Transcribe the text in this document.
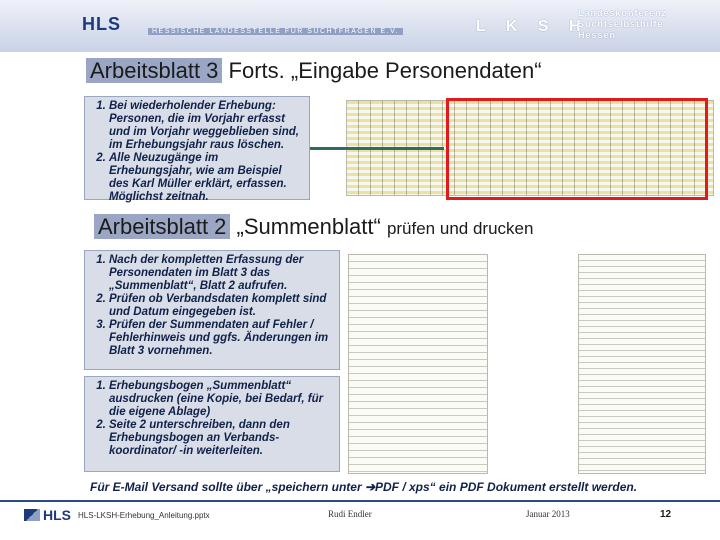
HLS	HESSISCHE LANDESSTELLE FÜR SUCHTFRAGEN E.V.	L K S H
Landeskonferenz
Suchtselbsthilfe
Hessen
Arbeitsblatt 3 Forts. „Eingabe Personendaten“
1. Bei wiederholender Erhebung: Personen, die im Vorjahr erfasst und im Vorjahr weggeblieben sind, im Erhebungsjahr raus löschen.
2. Alle Neuzugänge im Erhebungsjahr, wie am Beispiel des Karl Müller erklärt, erfassen. Möglichst zeitnah.
Arbeitsblatt 2 „Summenblatt“ prüfen und drucken
1. Nach der kompletten Erfassung der Personendaten im Blatt 3 das „Summenblatt“, Blatt 2 aufrufen.
2. Prüfen ob Verbandsdaten komplett sind und Datum eingegeben ist.
3. Prüfen der Summendaten auf Fehler / Fehlerhinweis und ggfs. Änderungen im Blatt 3 vornehmen.
1. Erhebungsbogen „Summenblatt“ ausdrucken (eine Kopie, bei Bedarf, für die eigene Ablage)
2. Seite 2 unterschreiben, dann den Erhebungsbogen an Verbands-koordinator/ -in weiterleiten.
Für E-Mail Versand sollte über „speichern unter ➔PDF / xps“ ein PDF Dokument erstellt werden.
HLS HLS-LKSH-Erhebung_Anleitung.pptx	Rudi Endler	Januar 2013	12
